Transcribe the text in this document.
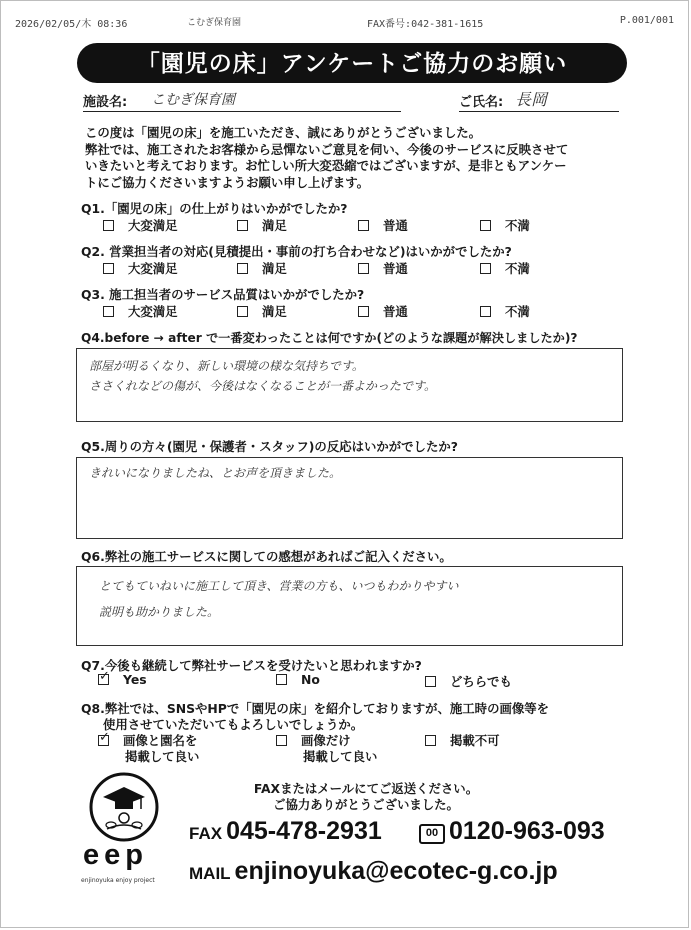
2026/02/05/木 08:36	こむぎ保育園	FAX番号:042-381-1615	P.001/001
「園児の床」アンケートご協力のお願い
施設名: こむぎ保育園	ご氏名: 長岡
この度は「園児の床」を施工いただき、誠にありがとうございました。
弊社では、施工されたお客様から忌憚ないご意見を伺い、今後のサービスに反映させて
いきたいと考えております。お忙しい所大変恐縮ではございますが、是非ともアンケー
トにご協力くださいますようお願い申し上げます。
Q1.「園児の床」の仕上がりはいかがでしたか?
大変満足	満足	普通	不満
Q2. 営業担当者の対応(見積提出・事前の打ち合わせなど)はいかがでしたか?
大変満足	満足	普通	不満
Q3. 施工担当者のサービス品質はいかがでしたか?
大変満足	満足	普通	不満
Q4.before → after で一番変わったことは何ですか(どのような課題が解決しましたか)?
部屋が明るくなり、新しい環境の様な気持ちです。
ささくれなどの傷が、今後はなくなることが一番よかったです。
Q5.周りの方々(園児・保護者・スタッフ)の反応はいかがでしたか?
きれいになりましたね、とお声を頂きました。
Q6.弊社の施工サービスに関しての感想があればご記入ください。
とてもていねいに施工して頂き、営業の方も、いつもわかりやすい
説明も助かりました。
Q7.今後も継続して弊社サービスを受けたいと思われますか?
✓Yes	No	どちらでも
Q8.弊社では、SNSやHPで「園児の床」を紹介しておりますが、施工時の画像等を
使用させていただいてもよろしいでしょうか。
✓画像と園名を
掲載して良い
画像だけ
掲載して良い
掲載不可
eep
enjinoyuka enjoy project
FAXまたはメールにてご返送ください。
ご協力ありがとうございました。
FAX 045-478-2931	00 0120-963-093
MAIL enjinoyuka@ecotec-g.co.jp
